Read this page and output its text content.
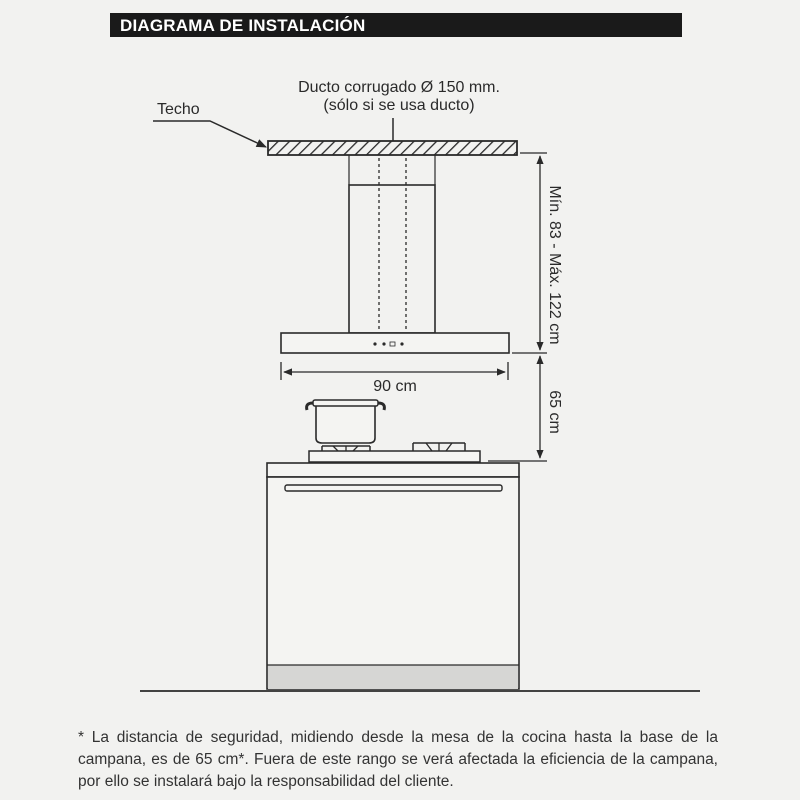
DIAGRAMA DE INSTALACIÓN
Ducto corrugado Ø 150 mm.
(sólo si se usa ducto)
Techo
90 cm
Mín. 83 - Máx. 122 cm
65 cm
* La distancia de seguridad, midiendo desde la mesa de la cocina hasta la base de la campana, es de 65 cm*. Fuera de este rango se verá afectada la eficiencia de la campana, por ello se instalará bajo la responsabilidad del cliente.
